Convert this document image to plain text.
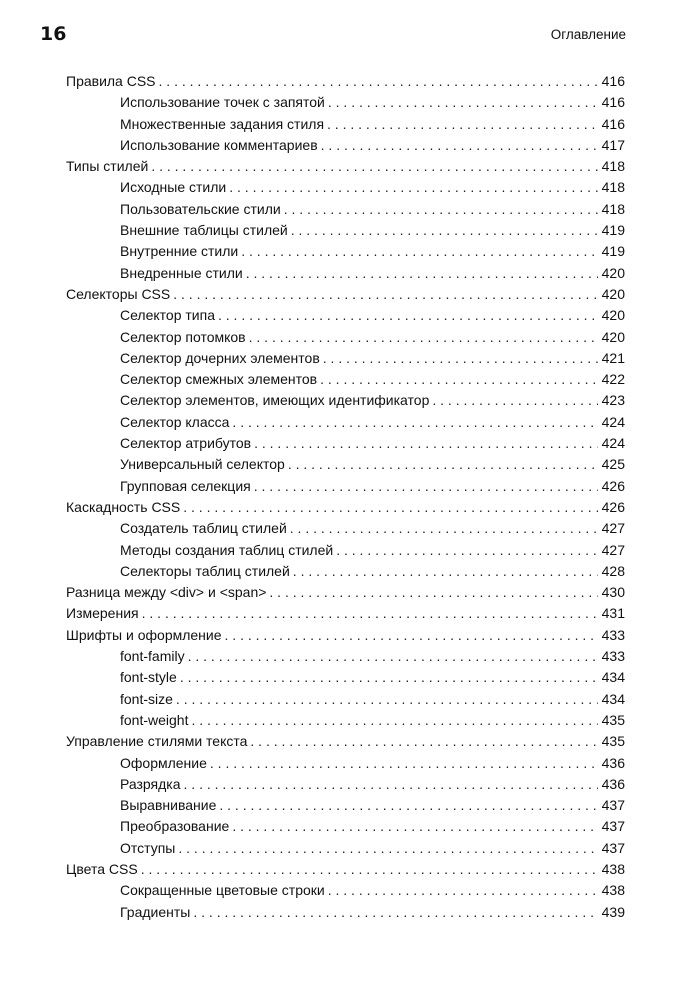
16	Оглавление
Правила CSS . . .	416
Использование точек с запятой . . .	416
Множественные задания стиля . . .	416
Использование комментариев . . .	417
Типы стилей . . .	418
Исходные стили . . .	418
Пользовательские стили . . .	418
Внешние таблицы стилей . . .	419
Внутренние стили . . .	419
Внедренные стили . . .	420
Селекторы CSS . . .	420
Селектор типа . . .	420
Селектор потомков . . .	420
Селектор дочерних элементов . . .	421
Селектор смежных элементов . . .	422
Селектор элементов, имеющих идентификатор . . .	423
Селектор класса . . .	424
Селектор атрибутов . . .	424
Универсальный селектор . . .	425
Групповая селекция . . .	426
Каскадность CSS . . .	426
Создатель таблиц стилей . . .	427
Методы создания таблиц стилей . . .	427
Селекторы таблиц стилей . . .	428
Разница между <div> и <span> . . .	430
Измерения . . .	431
Шрифты и оформление . . .	433
font-family . . .	433
font-style . . .	434
font-size . . .	434
font-weight . . .	435
Управление стилями текста . . .	435
Оформление . . .	436
Разрядка . . .	436
Выравнивание . . .	437
Преобразование . . .	437
Отступы . . .	437
Цвета CSS . . .	438
Сокращенные цветовые строки . . .	438
Градиенты . . .	439
